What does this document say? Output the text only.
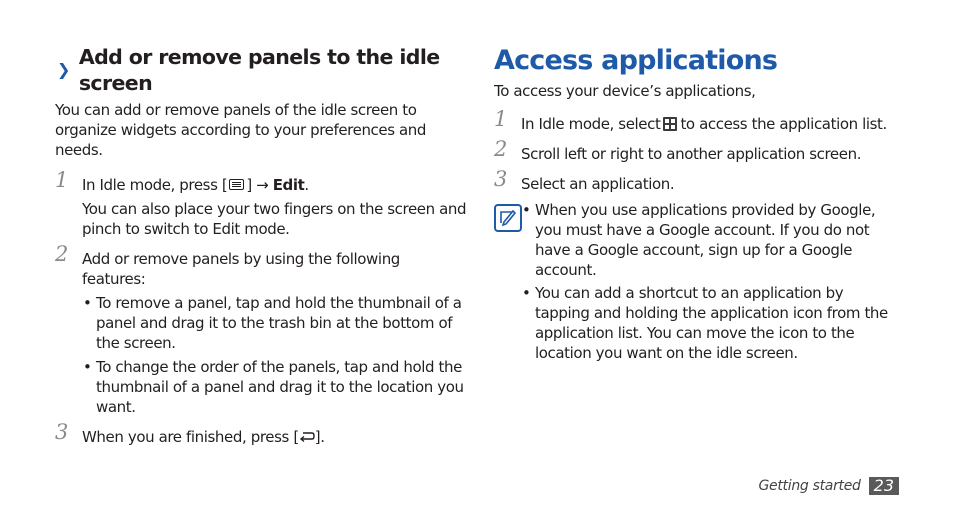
❯
Add or remove panels to the idle screen
You can add or remove panels of the idle screen to organize widgets according to your preferences and needs.
1 In Idle mode, press [ ] → Edit.
You can also place your two fingers on the screen and pinch to switch to Edit mode.
2 Add or remove panels by using the following features:
• To remove a panel, tap and hold the thumbnail of a panel and drag it to the trash bin at the bottom of the screen.
• To change the order of the panels, tap and hold the thumbnail of a panel and drag it to the location you want.
3 When you are finished, press [ ].
Access applications
To access your device’s applications,
1 In Idle mode, select to access the application list.
2 Scroll left or right to another application screen.
3 Select an application.
• When you use applications provided by Google, you must have a Google account. If you do not have a Google account, sign up for a Google account.
• You can add a shortcut to an application by tapping and holding the application icon from the application list. You can move the icon to the location you want on the idle screen.
Getting started 23
